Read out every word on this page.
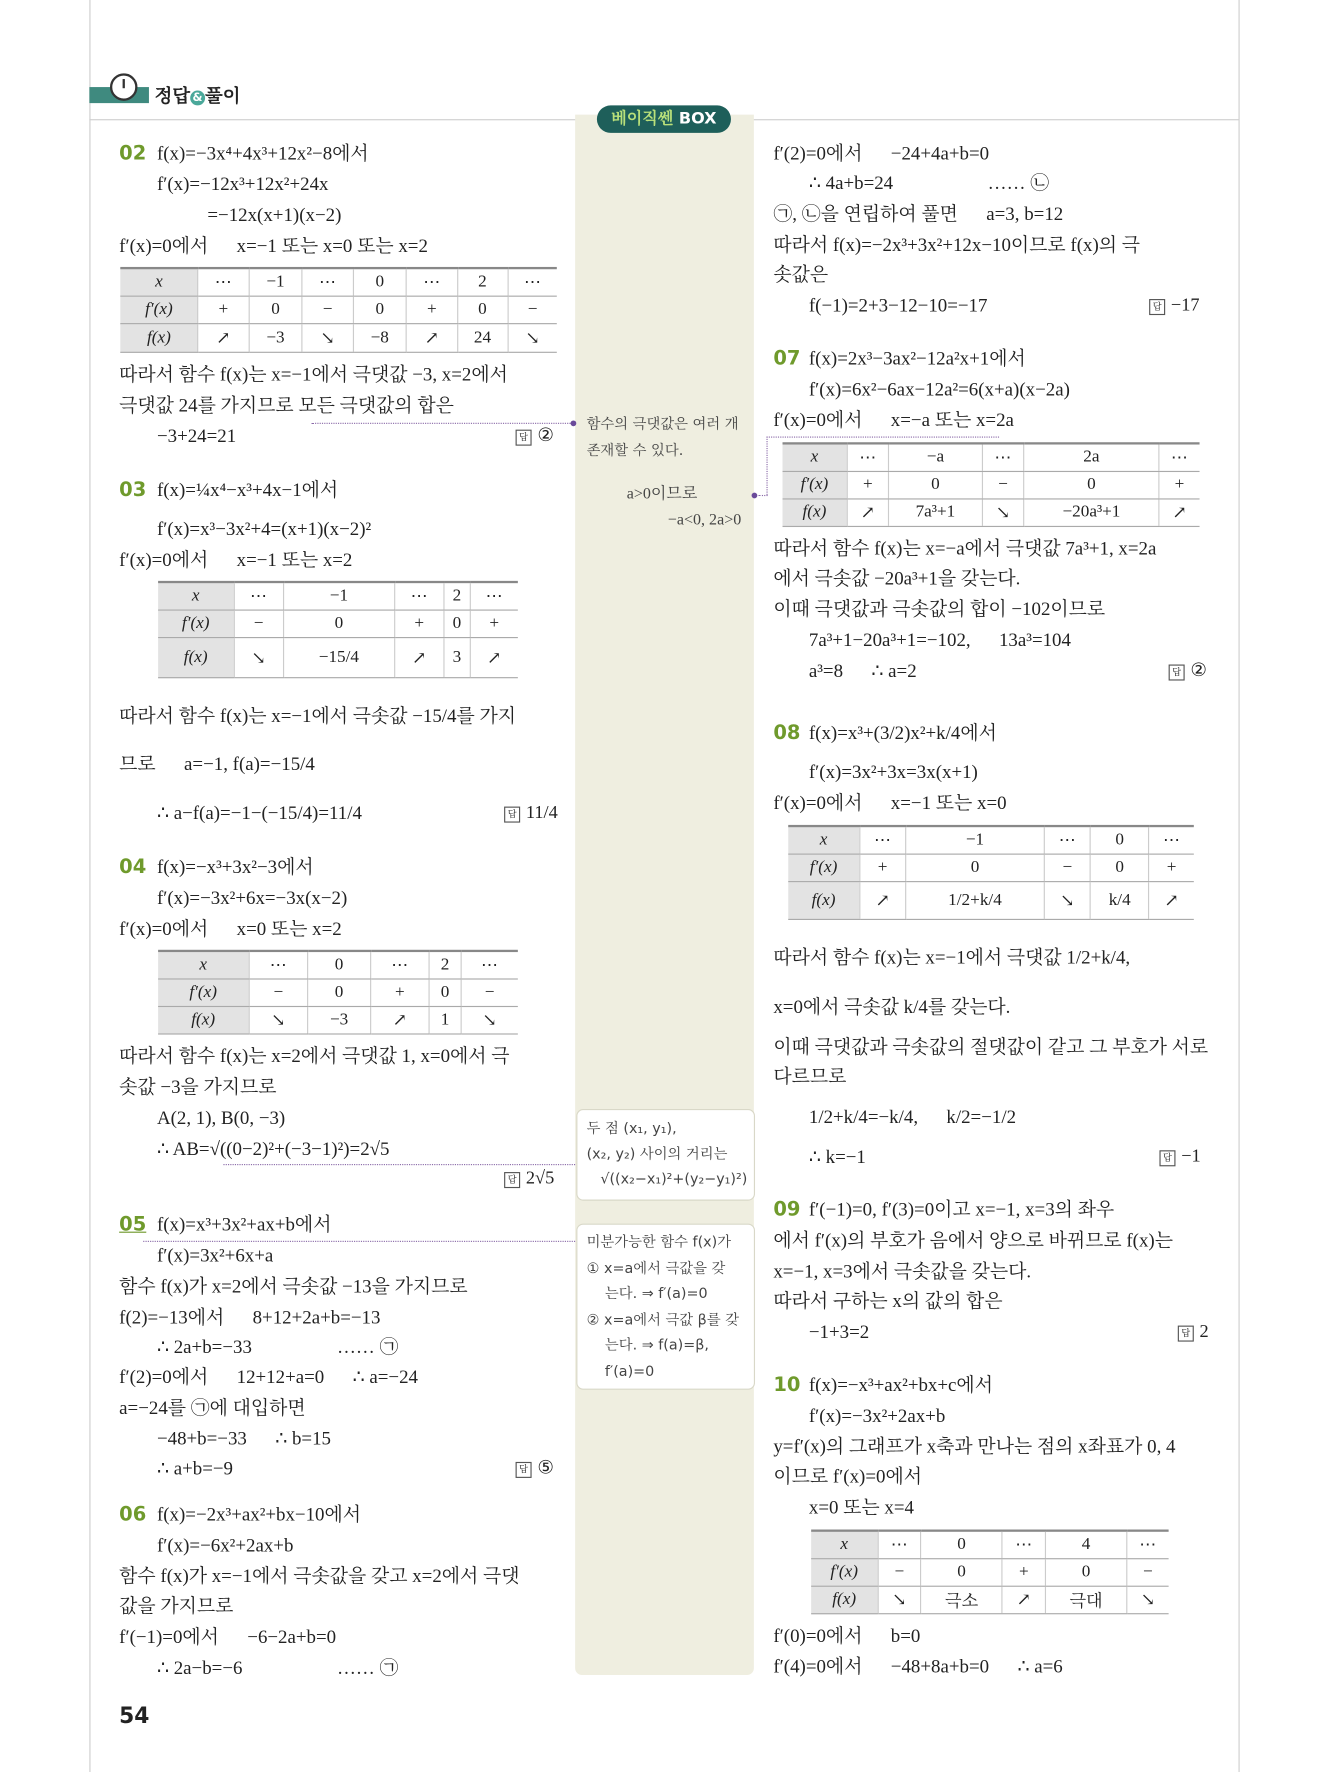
정답 & 풀이
베이직쎈 BOX
함수의 극댓값은 여러 개
존재할 수 있다.
a>0이므로
−a<0, 2a>0
두 점 (x₁, y₁),
(x₂, y₂) 사이의 거리는
√((x₂−x₁)²+(y₂−y₁)²)
미분가능한 함수 f(x)가
① x=a에서 극값을 갖
는다. ⇒ f′(a)=0
② x=a에서 극값 β를 갖
는다. ⇒ f(a)=β,
f′(a)=0
02 f(x)=−3x⁴+4x³+12x²−8에서
f′(x)=−12x³+12x²+24x
=−12x(x+1)(x−2)
f′(x)=0에서      x=−1 또는 x=0 또는 x=2
x	⋯	−1	⋯	0	⋯	2	⋯
f′(x)	+	0	−	0	+	0	−
f(x)	↗	−3	↘	−8	↗	24	↘
따라서 함수 f(x)는 x=−1에서 극댓값 −3, x=2에서
극댓값 24를 가지므로 모든 극댓값의 합은
−3+24=21	답 ②
03 f(x)=¼x⁴−x³+4x−1에서
f′(x)=x³−3x²+4=(x+1)(x−2)²
f′(x)=0에서      x=−1 또는 x=2
x	⋯	−1	⋯	2	⋯
f′(x)	−	0	+	0	+
f(x)	↘	−15/4	↗	3	↗
따라서 함수 f(x)는 x=−1에서 극솟값 −15/4를 가지
므로      a=−1, f(a)=−15/4
∴ a−f(a)=−1−(−15/4)=11/4	답 11/4
04 f(x)=−x³+3x²−3에서
f′(x)=−3x²+6x=−3x(x−2)
f′(x)=0에서      x=0 또는 x=2
x	⋯	0	⋯	2	⋯
f′(x)	−	0	+	0	−
f(x)	↘	−3	↗	1	↘
따라서 함수 f(x)는 x=2에서 극댓값 1, x=0에서 극
솟값 −3을 가지므로
A(2, 1), B(0, −3)
∴ AB=√((0−2)²+(−3−1)²)=2√5
답 2√5
05 f(x)=x³+3x²+ax+b에서
f′(x)=3x²+6x+a
함수 f(x)가 x=2에서 극솟값 −13을 가지므로
f(2)=−13에서      8+12+2a+b=−13
∴ 2a+b=−33                  …… ㉠
f′(2)=0에서      12+12+a=0      ∴ a=−24
a=−24를 ㉠에 대입하면
−48+b=−33      ∴ b=15
∴ a+b=−9	답 ⑤
06 f(x)=−2x³+ax²+bx−10에서
f′(x)=−6x²+2ax+b
함수 f(x)가 x=−1에서 극솟값을 갖고 x=2에서 극댓
값을 가지므로
f′(−1)=0에서      −6−2a+b=0
∴ 2a−b=−6                    …… ㉠
54
f′(2)=0에서      −24+4a+b=0
∴ 4a+b=24                    …… ㉡
㉠, ㉡을 연립하여 풀면      a=3, b=12
따라서 f(x)=−2x³+3x²+12x−10이므로 f(x)의 극
솟값은
f(−1)=2+3−12−10=−17	답 −17
07 f(x)=2x³−3ax²−12a²x+1에서
f′(x)=6x²−6ax−12a²=6(x+a)(x−2a)
f′(x)=0에서      x=−a 또는 x=2a
x	⋯	−a	⋯	2a	⋯
f′(x)	+	0	−	0	+
f(x)	↗	7a³+1	↘	−20a³+1	↗
따라서 함수 f(x)는 x=−a에서 극댓값 7a³+1, x=2a
에서 극솟값 −20a³+1을 갖는다.
이때 극댓값과 극솟값의 합이 −102이므로
7a³+1−20a³+1=−102,      13a³=104
a³=8      ∴ a=2	답 ②
08 f(x)=x³+(3/2)x²+k/4에서
f′(x)=3x²+3x=3x(x+1)
f′(x)=0에서      x=−1 또는 x=0
x	⋯	−1	⋯	0	⋯
f′(x)	+	0	−	0	+
f(x)	↗	1/2+k/4	↘	k/4	↗
따라서 함수 f(x)는 x=−1에서 극댓값 1/2+k/4,
x=0에서 극솟값 k/4를 갖는다.
이때 극댓값과 극솟값의 절댓값이 같고 그 부호가 서로
다르므로
1/2+k/4=−k/4,      k/2=−1/2
∴ k=−1	답 −1
09 f′(−1)=0, f′(3)=0이고 x=−1, x=3의 좌우
에서 f′(x)의 부호가 음에서 양으로 바뀌므로 f(x)는
x=−1, x=3에서 극솟값을 갖는다.
따라서 구하는 x의 값의 합은
−1+3=2	답 2
10 f(x)=−x³+ax²+bx+c에서
f′(x)=−3x²+2ax+b
y=f′(x)의 그래프가 x축과 만나는 점의 x좌표가 0, 4
이므로 f′(x)=0에서
x=0 또는 x=4
x	⋯	0	⋯	4	⋯
f′(x)	−	0	+	0	−
f(x)	↘	극소	↗	극대	↘
f′(0)=0에서      b=0
f′(4)=0에서      −48+8a+b=0      ∴ a=6
